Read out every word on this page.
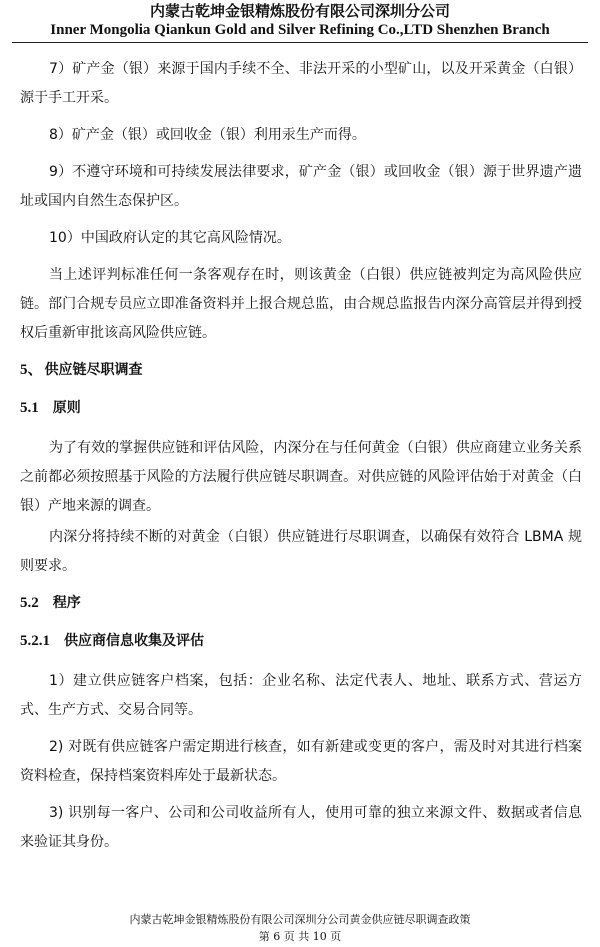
内蒙古乾坤金银精炼股份有限公司深圳分公司
Inner Mongolia Qiankun Gold and Silver Refining Co.,LTD Shenzhen Branch

7）矿产金（银）来源于国内手续不全、非法开采的小型矿山，以及开采黄金（白银）源于手工开采。

8）矿产金（银）或回收金（银）利用汞生产而得。

9）不遵守环境和可持续发展法律要求，矿产金（银）或回收金（银）源于世界遗产遗址或国内自然生态保护区。

10）中国政府认定的其它高风险情况。

当上述评判标准任何一条客观存在时，则该黄金（白银）供应链被判定为高风险供应链。部门合规专员应立即准备资料并上报合规总监，由合规总监报告内深分高管层并得到授权后重新审批该高风险供应链。

5、 供应链尽职调查
5.1 原则

为了有效的掌握供应链和评估风险，内深分在与任何黄金（白银）供应商建立业务关系之前都必须按照基于风险的方法履行供应链尽职调查。对供应链的风险评估始于对黄金（白银）产地来源的调查。

内深分将持续不断的对黄金（白银）供应链进行尽职调查，以确保有效符合 LBMA 规则要求。

5.2 程序
5.2.1 供应商信息收集及评估

1）建立供应链客户档案，包括：企业名称、法定代表人、地址、联系方式、营运方式、生产方式、交易合同等。

2) 对既有供应链客户需定期进行核查，如有新建或变更的客户，需及时对其进行档案资料检查，保持档案资料库处于最新状态。

3) 识别每一客户、公司和公司收益所有人，使用可靠的独立来源文件、数据或者信息来验证其身份。

内蒙古乾坤金银精炼股份有限公司深圳分公司黄金供应链尽职调查政策
第 6 页 共 10 页
